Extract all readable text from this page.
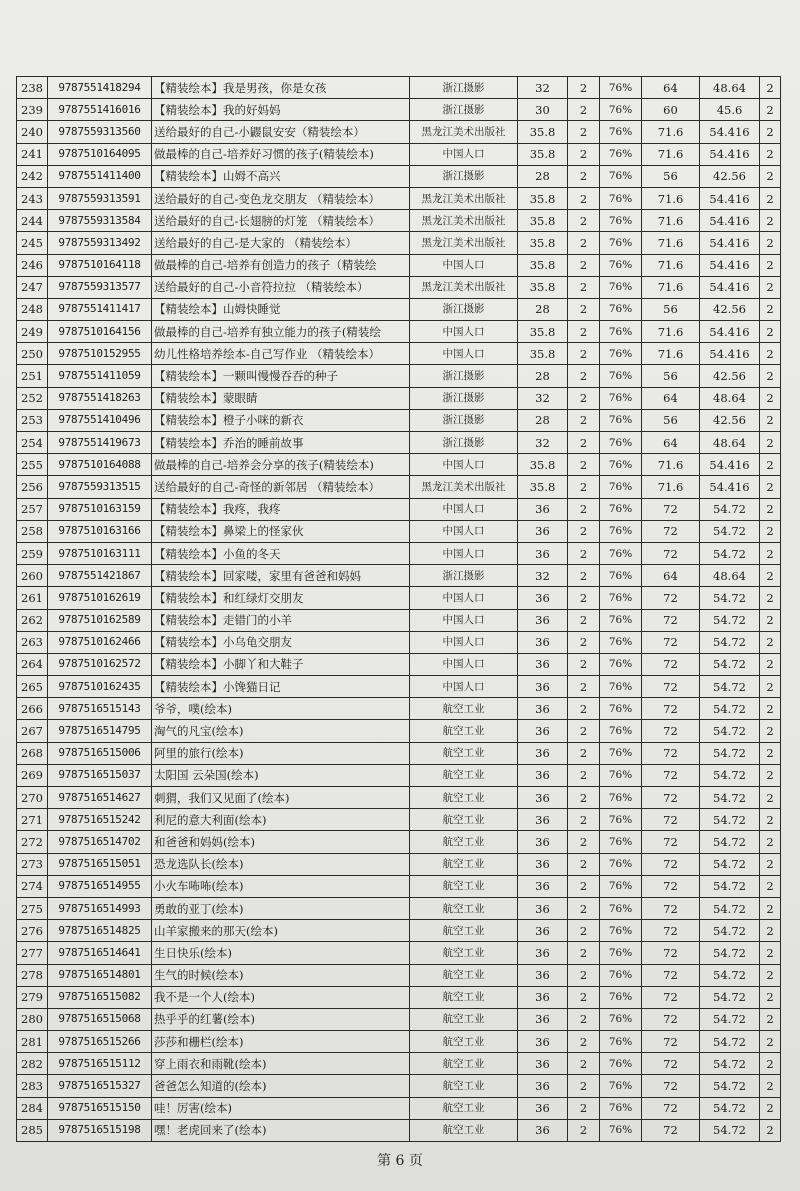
238	9787551418294	【精装绘本】我是男孩，你是女孩	浙江摄影	32	2	76%	64	48.64	2
239	9787551416016	【精装绘本】我的好妈妈	浙江摄影	30	2	76%	60	45.6	2
240	9787559313560	送给最好的自己-小鼹鼠安安（精装绘本）	黑龙江美术出版社	35.8	2	76%	71.6	54.416	2
241	9787510164095	做最棒的自己-培养好习惯的孩子(精装绘本)	中国人口	35.8	2	76%	71.6	54.416	2
242	9787551411400	【精装绘本】山姆不高兴	浙江摄影	28	2	76%	56	42.56	2
243	9787559313591	送给最好的自己-变色龙交朋友 （精装绘本）	黑龙江美术出版社	35.8	2	76%	71.6	54.416	2
244	9787559313584	送给最好的自己-长翅膀的灯笼 （精装绘本）	黑龙江美术出版社	35.8	2	76%	71.6	54.416	2
245	9787559313492	送给最好的自己-是大家的 （精装绘本）	黑龙江美术出版社	35.8	2	76%	71.6	54.416	2
246	9787510164118	做最棒的自己-培养有创造力的孩子（精装绘	中国人口	35.8	2	76%	71.6	54.416	2
247	9787559313577	送给最好的自己-小音符拉拉 （精装绘本）	黑龙江美术出版社	35.8	2	76%	71.6	54.416	2
248	9787551411417	【精装绘本】山姆快睡觉	浙江摄影	28	2	76%	56	42.56	2
249	9787510164156	做最棒的自己-培养有独立能力的孩子(精装绘	中国人口	35.8	2	76%	71.6	54.416	2
250	9787510152955	幼儿性格培养绘本-自己写作业 （精装绘本）	中国人口	35.8	2	76%	71.6	54.416	2
251	9787551411059	【精装绘本】一颗叫慢慢吞吞的种子	浙江摄影	28	2	76%	56	42.56	2
252	9787551418263	【精装绘本】蒙眼睛	浙江摄影	32	2	76%	64	48.64	2
253	9787551410496	【精装绘本】橙子小咪的新衣	浙江摄影	28	2	76%	56	42.56	2
254	9787551419673	【精装绘本】乔治的睡前故事	浙江摄影	32	2	76%	64	48.64	2
255	9787510164088	做最棒的自己-培养会分享的孩子(精装绘本)	中国人口	35.8	2	76%	71.6	54.416	2
256	9787559313515	送给最好的自己-奇怪的新邻居 （精装绘本）	黑龙江美术出版社	35.8	2	76%	71.6	54.416	2
257	9787510163159	【精装绘本】我疼，我疼	中国人口	36	2	76%	72	54.72	2
258	9787510163166	【精装绘本】鼻梁上的怪家伙	中国人口	36	2	76%	72	54.72	2
259	9787510163111	【精装绘本】小鱼的冬天	中国人口	36	2	76%	72	54.72	2
260	9787551421867	【精装绘本】回家喽，家里有爸爸和妈妈	浙江摄影	32	2	76%	64	48.64	2
261	9787510162619	【精装绘本】和红绿灯交朋友	中国人口	36	2	76%	72	54.72	2
262	9787510162589	【精装绘本】走错门的小羊	中国人口	36	2	76%	72	54.72	2
263	9787510162466	【精装绘本】小乌龟交朋友	中国人口	36	2	76%	72	54.72	2
264	9787510162572	【精装绘本】小脚丫和大鞋子	中国人口	36	2	76%	72	54.72	2
265	9787510162435	【精装绘本】小馋猫日记	中国人口	36	2	76%	72	54.72	2
266	9787516515143	爷爷，噗(绘本)	航空工业	36	2	76%	72	54.72	2
267	9787516514795	淘气的凡宝(绘本)	航空工业	36	2	76%	72	54.72	2
268	9787516515006	阿里的旅行(绘本)	航空工业	36	2	76%	72	54.72	2
269	9787516515037	太阳国 云朵国(绘本)	航空工业	36	2	76%	72	54.72	2
270	9787516514627	刺猬，我们又见面了(绘本)	航空工业	36	2	76%	72	54.72	2
271	9787516515242	利尼的意大利面(绘本)	航空工业	36	2	76%	72	54.72	2
272	9787516514702	和爸爸和妈妈(绘本)	航空工业	36	2	76%	72	54.72	2
273	9787516515051	恐龙选队长(绘本)	航空工业	36	2	76%	72	54.72	2
274	9787516514955	小火车咘咘(绘本)	航空工业	36	2	76%	72	54.72	2
275	9787516514993	勇敢的亚丁(绘本)	航空工业	36	2	76%	72	54.72	2
276	9787516514825	山羊家搬来的那天(绘本)	航空工业	36	2	76%	72	54.72	2
277	9787516514641	生日快乐(绘本)	航空工业	36	2	76%	72	54.72	2
278	9787516514801	生气的时候(绘本)	航空工业	36	2	76%	72	54.72	2
279	9787516515082	我不是一个人(绘本)	航空工业	36	2	76%	72	54.72	2
280	9787516515068	热乎乎的红薯(绘本)	航空工业	36	2	76%	72	54.72	2
281	9787516515266	莎莎和栅栏(绘本)	航空工业	36	2	76%	72	54.72	2
282	9787516515112	穿上雨衣和雨靴(绘本)	航空工业	36	2	76%	72	54.72	2
283	9787516515327	爸爸怎么知道的(绘本)	航空工业	36	2	76%	72	54.72	2
284	9787516515150	哇！厉害(绘本)	航空工业	36	2	76%	72	54.72	2
285	9787516515198	嘿！老虎回来了(绘本)	航空工业	36	2	76%	72	54.72	2
第 6 页
